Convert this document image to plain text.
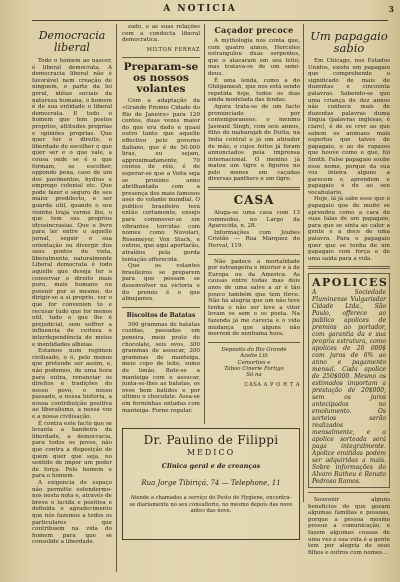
A NOTICIA	3
Democracia liberal

Todo o homem ao nascer, é liberal democrata. A democracia liberal não é favorável nem creação de ninguem, e parte da lei geral, idéias sociais da natureza humana, o homem é de sua entidade o liberal democrata. E todo o homem que tem postos proprios, attitudes proprias e opiniões proprias. Que quer ter o direito, o liberdade de escolher o que quer ser e o que vale, a cousa onde se é o que formam, se escolher, oppondo pena, caso de um dos pavimentos, hydras e emprego colonial etc. Que pode fazer e seguro de seu maior predilecto, e ser guarda util, quando o seu visinho traja verme lho, o que tem sus proprios idyosincrasias. Que o livro para ler entre o aquelle jornal, seguir o sua orientação ou divergir dos seus pontos de vista, liberalmente, naturalmente Liberal democrata é todo aquelle que deseja ter o conservar o direito mais puro, mais humano ou possuir por si mesmo, do dirigir-se a si proprio, ver o que for convenien to e recusar tudo que for menos util, tudo o que lhe é prejudicial, sem soffrer a influencia de certeza e interdependência de meios e inentidades alheias.

Estamos num regimen civilisado, o ó, pelo menos que pretende ser assim, e, não podemos, de uma hora para outra, renunciar os direitos e tradições do nosso povo, o nosso passado, a nossa historia, a nossa contribuição positiva ao liberalismo, a nossa voz e a nossa civilisação.

É contra este facto que se levanta a bandeira da liberdade, a democracia, para todos os povos, não que contra a disposição de quem quer que seja, no sentido de impor um poder de força. Pelo homem e para o homem.

A exigencia de espaço não permitte estendermo-nos nesta nota e, através de breve e lucida e positiva e definida e agradecimento que nós fazemos a todos os particulares que contribuem na vida do homem para que se consolide a liberdade.

zado, e as suas relações com a conducta liberal democratica.

MILTON FERRAZ
Preparam-se os nossos volantes

Com a adaptação da «Grande Premio Cidade do Rio de Janeiro» para 120 contos, duas vezes maior do que era dado e quasi outro tanto que aquelle effectivo pelo governo italiano, que é de 50.000 liras, eu sejam, approximadamente, 70 contos de réis, é de esperar-se que a Volta seja se proximo anno abrilhantada com a presença dos mais famosos ases do volante mundial. O publico brasileiro terá então certamente, ensejo para commover-se em vibrantes torcidas com nomes como Nuvolari, Rosemeyer, Von Stuck, e outros, que aqui aportarão, atraídos pela gorda tentação offerecida.

Que os volantes brasileiros se preparem para que possam se desenvolver na victoria e do premio é o que almejamos.

Biscoitos de Batatas

500 grammas de batatas cozidas, passadas em peneira, meio prato de chocolate, seis ovos, 300 grammas de assucar, 200 grammas de manteiga, meio copo de leite, sumo de limão. Bate-se a manteiga com o assucar, junta-se-lhes as batatas, os ovos bem batidos e por ultimo o chocolate. Assa-se em forminhas untadas com manteiga. Forno regular.

Caçador precoce

A mythologia nos conta que, com quatro annos, Hercules estrangulou duas serpentes, que o atacaram em seu leito; mas tratava-se de um semi-deus.

É uma lenda, como a do Ghilgamesh, que nos está sendo repetida hoje, todos os dias ainda modelada das lendas.

Agora trata-se de um facto pronunciado por contemporaneos: o menino Jaswant Singh, com seis annos, filho do maharajah de Dutta, na India central e já um atirador de mão, e cujos feitos já foram annunciados pela imprensa internacional. O menino já matou um tigre e figurou no pelo menos em caçadas diversas panthers e um tigre.

CASA

Aluga-se uma casa com 13 commodos, no Largo da Aparecida, n. 28.

Informações com Joubes Cristão — Rua Marquez do Herval, 119.

Não padece a mortalidade por estrangeira e interior e à de Europa ou da America. As causas entre todas mas dois anos de uma salve a ar é tão pouco também que tem fórce. Não há alegria que um não teve tenha o não ser leve a vitor levam os sem o os poeta. Na fazenda já me carecia e o vida mudança que alguns não morrem de nenhuma hora.

Deposito do Rio Grande
Azeite Lili
Cemarties e
Taboo Cinerie Fortigo
Só na
CASA A P O R T A
Um papagaio sabio

Em Chicago, nos Estados Unidos, existe um papagaio que comprehende o significado de mais de duzentas e cincoenta palavras. Sabendo-se que uma criança de dez annos não conhece mais de duzentas palavras duma lingua (palavras inglesas, é claro), é de se crer ao que sabem os animaes mais espertos que talves de papagaio, o ao de rapazes que houve como e que, foi Smith. False papagaio soube esse nome, porque da sua voz inteira alguns a parecem e aprendem e papagaio é de ao seu vocabulario.

Hoje, lá já sabe esse que o papagaio que de muito se aprendeu como a cara de suas falas de um papagaio, para que se sinta ao calor a gente e a doce de uma palavra. Para o papagaio quer que se tenha de um papagaio com força e de uma saida para a vida.

APOLICES
A Sociedade Fluminense Vulgarisdar Cidade Ltda., São Paulo, offerece ao publico apolices de premios ao portador, com garantia da e sua propria estrutura, como apolices de 20 000$ com juros de 6% ao anno e pagamento mensal. Cada apolice de 250$000. Mesmo os estimados importam a prestação de 20$000, sem os juros antecipados no emolumento. Os sorteios serão realizados mensalmente, e a apolice sorteada será paga integralmente. Apolice emitidas podem ser adquiridas a mais. Sobre informações do Alvaro Rutheu e Renato Pedroso Ramos.

Souvenir alguns beneficios de que gozam algumas familias e pessoas, porque a pessoa mesmo possue a comunicação, e fazem algumas cousas de uma vez e sua vida é a gente tem por alegria de seus filhos e outros com nomes...

Dr. Paulino de Filippi
MEDICO
Clinica geral e de creanças
Rua Jorge Tibiriçá, 74 — Telephone, 11
Atende a chamados a serviço do Posto de Hygiene, encontra-se diariamente no seu consultorio, no mesmo depois das nove antes das nove.
